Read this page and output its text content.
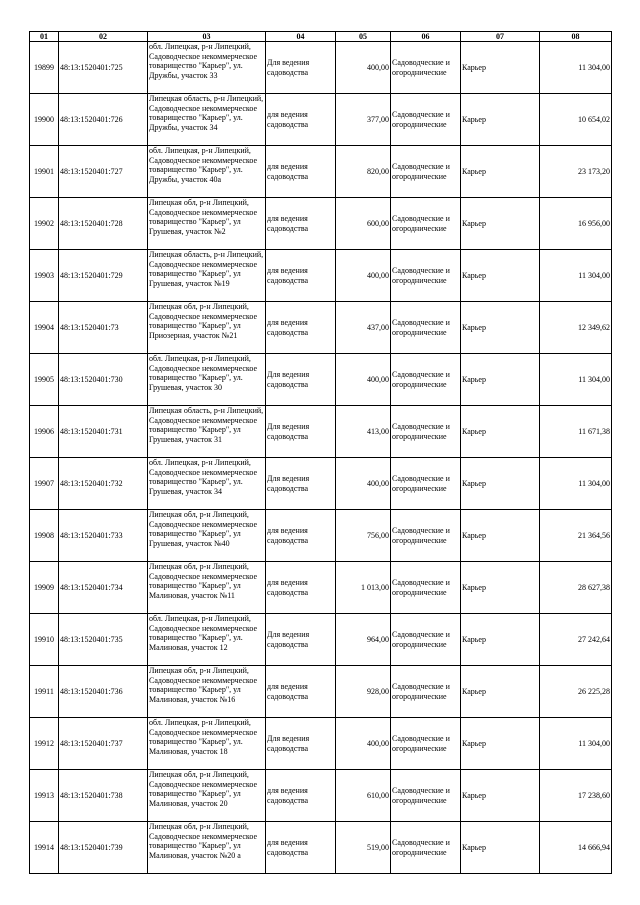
01	02	03	04	05	06	07	08
19899	48:13:1520401:725	обл. Липецкая, р-н Липецкий, Садоводческое некоммерческое товарищество "Карьер", ул. Дружбы, участок 33	Для ведения садоводства	400,00	Садоводческие и огороднические	Карьер	11 304,00
19900	48:13:1520401:726	Липецкая область, р-н Липецкий, Садоводческое некоммерческое товарищество "Карьер", ул. Дружбы, участок 34	для ведения садоводства	377,00	Садоводческие и огороднические	Карьер	10 654,02
19901	48:13:1520401:727	обл. Липецкая, р-н Липецкий, Садоводческое некоммерческое товарищество "Карьер", ул. Дружбы, участок 40а	для ведения садоводства	820,00	Садоводческие и огороднические	Карьер	23 173,20
19902	48:13:1520401:728	Липецкая обл, р-н Липецкий, Садоводческое некоммерческое товарищество "Карьер", ул Грушевая, участок №2	для ведения садоводства	600,00	Садоводческие и огороднические	Карьер	16 956,00
19903	48:13:1520401:729	Липецкая область, р-н Липецкий, Садоводческое некоммерческое товарищество "Карьер", ул Грушевая, участок №19	для ведения садоводства	400,00	Садоводческие и огороднические	Карьер	11 304,00
19904	48:13:1520401:73	Липецкая обл, р-н Липецкий, Садоводческое некоммерческое товарищество "Карьер", ул Приозерная, участок №21	для ведения садоводства	437,00	Садоводческие и огороднические	Карьер	12 349,62
19905	48:13:1520401:730	обл. Липецкая, р-н Липецкий, Садоводческое некоммерческое товарищество "Карьер", ул. Грушевая, участок 30	Для ведения садоводства	400,00	Садоводческие и огороднические	Карьер	11 304,00
19906	48:13:1520401:731	Липецкая область, р-н Липецкий, Садоводческое некоммерческое товарищество "Карьер", ул Грушевая, участок 31	Для ведения садоводства	413,00	Садоводческие и огороднические	Карьер	11 671,38
19907	48:13:1520401:732	обл. Липецкая, р-н Липецкий, Садоводческое некоммерческое товарищество "Карьер", ул. Грушевая, участок 34	Для ведения садоводства	400,00	Садоводческие и огороднические	Карьер	11 304,00
19908	48:13:1520401:733	Липецкая обл, р-н Липецкий, Садоводческое некоммерческое товарищество "Карьер", ул Грушевая, участок №40	для ведения садоводства	756,00	Садоводческие и огороднические	Карьер	21 364,56
19909	48:13:1520401:734	Липецкая обл, р-н Липецкий, Садоводческое некоммерческое товарищество "Карьер", ул Малиновая, участок №11	для ведения садоводства	1 013,00	Садоводческие и огороднические	Карьер	28 627,38
19910	48:13:1520401:735	обл. Липецкая, р-н Липецкий, Садоводческое некоммерческое товарищество "Карьер", ул. Малиновая, участок 12	Для ведения садоводства	964,00	Садоводческие и огороднические	Карьер	27 242,64
19911	48:13:1520401:736	Липецкая обл, р-н Липецкий, Садоводческое некоммерческое товарищество "Карьер", ул Малиновая, участок №16	для ведения садоводства	928,00	Садоводческие и огороднические	Карьер	26 225,28
19912	48:13:1520401:737	обл. Липецкая, р-н Липецкий, Садоводческое некоммерческое товарищество "Карьер", ул. Малиновая, участок 18	Для ведения садоводства	400,00	Садоводческие и огороднические	Карьер	11 304,00
19913	48:13:1520401:738	Липецкая обл, р-н Липецкий, Садоводческое некоммерческое товарищество "Карьер", ул Малиновая, участок 20	для ведения садоводства	610,00	Садоводческие и огороднические	Карьер	17 238,60
19914	48:13:1520401:739	Липецкая обл, р-н Липецкий, Садоводческое некоммерческое товарищество "Карьер", ул Малиновая, участок №20 а	для ведения садоводства	519,00	Садоводческие и огороднические	Карьер	14 666,94
